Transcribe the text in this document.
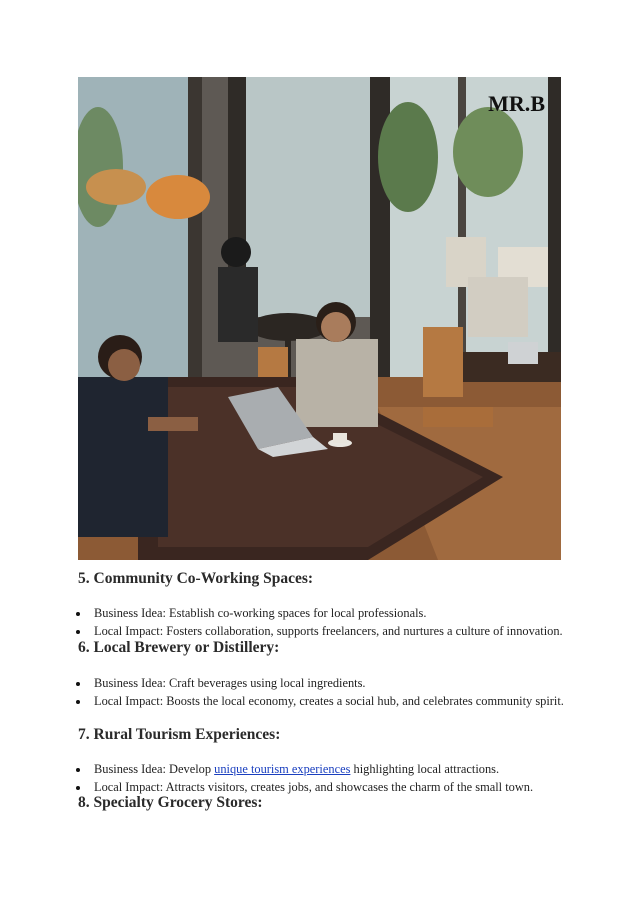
MR.B
5. Community Co-Working Spaces:
Business Idea: Establish co-working spaces for local professionals.
Local Impact: Fosters collaboration, supports freelancers, and nurtures a culture of innovation.
6. Local Brewery or Distillery:
Business Idea: Craft beverages using local ingredients.
Local Impact: Boosts the local economy, creates a social hub, and celebrates community spirit.
7. Rural Tourism Experiences:
Business Idea: Develop unique tourism experiences highlighting local attractions.
Local Impact: Attracts visitors, creates jobs, and showcases the charm of the small town.
8. Specialty Grocery Stores:
